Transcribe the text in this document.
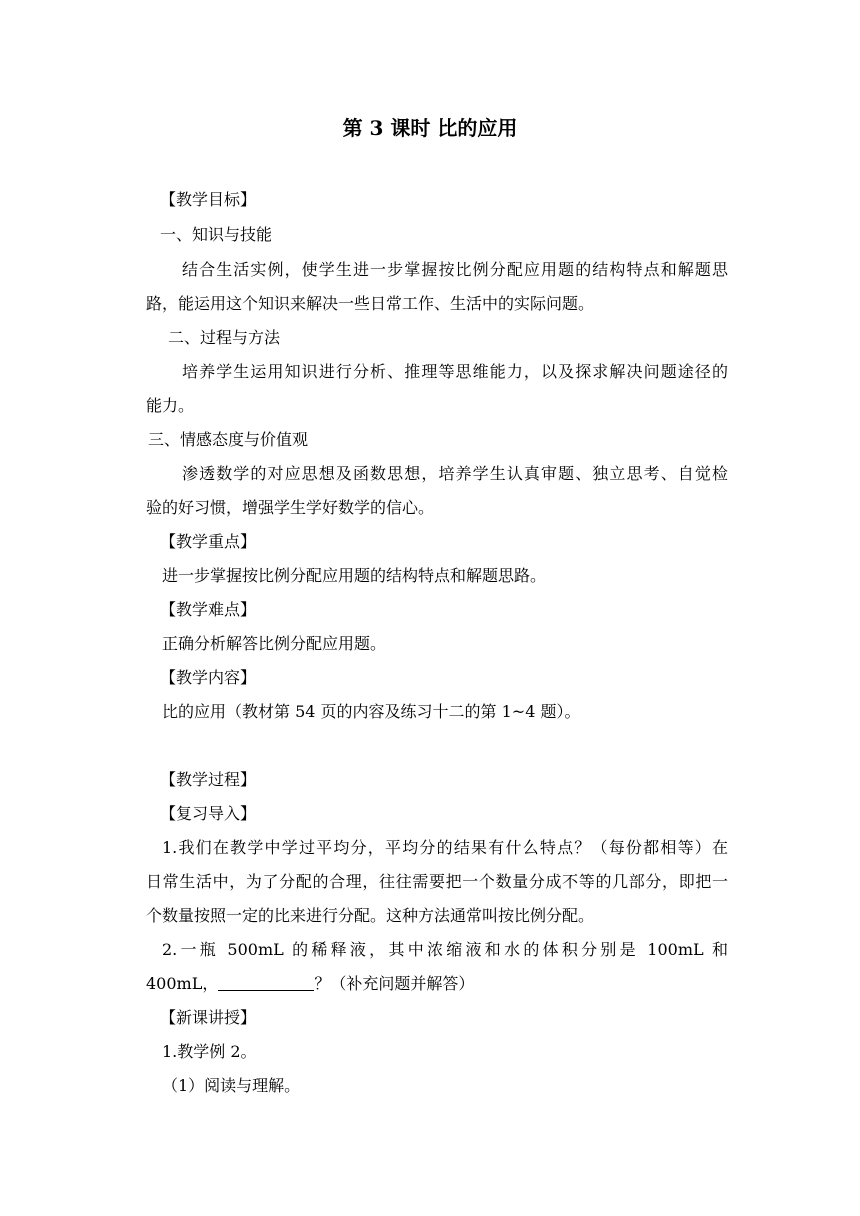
第 3 课时 比的应用
【教学目标】
一、知识与技能
结合生活实例，使学生进一步掌握按比例分配应用题的结构特点和解题思
路，能运用这个知识来解决一些日常工作、生活中的实际问题。
二、过程与方法
培养学生运用知识进行分析、推理等思维能力，以及探求解决问题途径的
能力。
三、情感态度与价值观
渗透数学的对应思想及函数思想，培养学生认真审题、独立思考、自觉检
验的好习惯，增强学生学好数学的信心。
【教学重点】
进一步掌握按比例分配应用题的结构特点和解题思路。
【教学难点】
正确分析解答比例分配应用题。
【教学内容】
比的应用（教材第 54 页的内容及练习十二的第 1~4 题）。
【教学过程】
【复习导入】
1.我们在教学中学过平均分，平均分的结果有什么特点？（每份都相等）在
日常生活中，为了分配的合理，往往需要把一个数量分成不等的几部分，即把一
个数量按照一定的比来进行分配。这种方法通常叫按比例分配。
2.一瓶 500mL 的稀释液，其中浓缩液和水的体积分别是 100mL 和
400mL，	？（补充问题并解答）
【新课讲授】
1.教学例 2。
（1）阅读与理解。
